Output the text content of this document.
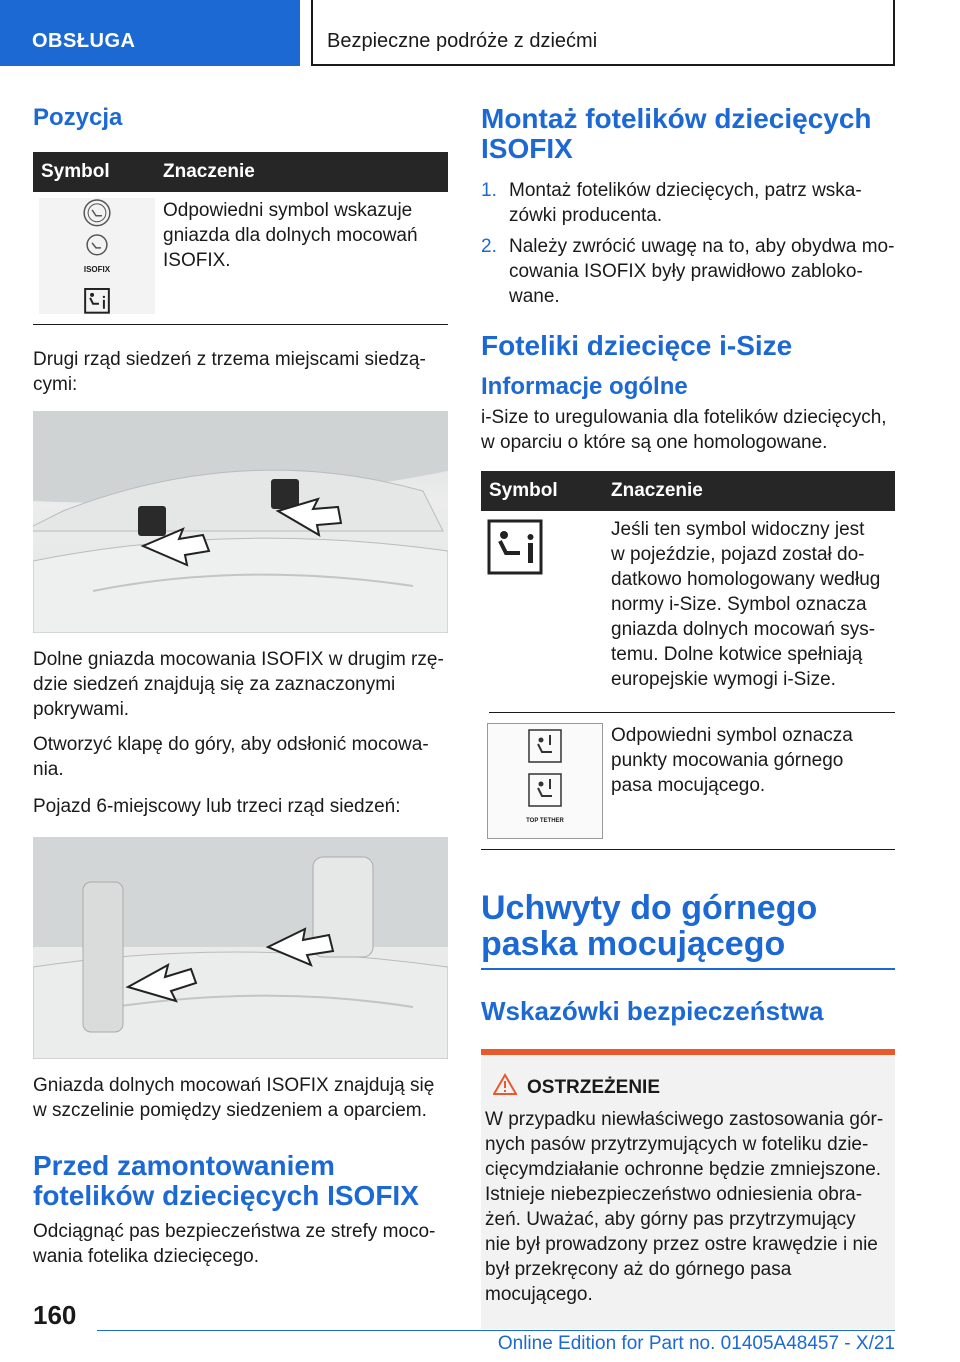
OBSŁUGA	Bezpieczne podróże z dziećmi
Pozycja
Symbol	Znaczenie

ISOFIX	Odpowiedni symbol wskazuje gniazda dla dolnych mocowań ISOFIX.

Drugi rząd siedzeń z trzema miejscami siedzącymi:

Dolne gniazda mocowania ISOFIX w drugim rzędzie siedzeń znajdują się za zaznaczonymi pokrywami.

Otworzyć klapę do góry, aby odsłonić mocowania.

Pojazd 6-miejscowy lub trzeci rząd siedzeń:

Gniazda dolnych mocowań ISOFIX znajdują się w szczelinie pomiędzy siedzeniem a oparciem.

Przed zamontowaniem fotelików dziecięcych ISOFIX

Odciągnąć pas bezpieczeństwa ze strefy mocowania fotelika dziecięcego.

Montaż fotelików dziecięcych ISOFIX
1. Montaż fotelików dziecięcych, patrz wskazówki producenta.
2. Należy zwrócić uwagę na to, aby obydwa mocowania ISOFIX były prawidłowo zablokowane.
Foteliki dziecięce i-Size
Informacje ogólne

i-Size to uregulowania dla fotelików dziecięcych, w oparciu o które są one homologowane.

Symbol	Znaczenie
	Jeśli ten symbol widoczny jest w pojeździe, pojazd został dodatkowo homologowany według normy i-Size. Symbol oznacza gniazda dolnych mocowań systemu. Dolne kotwice spełniają europejskie wymogi i-Size.

TOP TETHER	Odpowiedni symbol oznacza punkty mocowania górnego pasa mocującego.
Uchwyty do górnego paska mocującego
Wskazówki bezpieczeństwa
OSTRZEŻENIE

W przypadku niewłaściwego zastosowania górnych pasów przytrzymujących w foteliku dziecięcymdziałanie ochronne będzie zmniejszone. Istnieje niebezpieczeństwo odniesienia obrażeń. Uważać, aby górny pas przytrzymujący nie był prowadzony przez ostre krawędzie i nie był przekręcony aż do górnego pasa mocującego.

160
Online Edition for Part no. 01405A48457 - X/21
